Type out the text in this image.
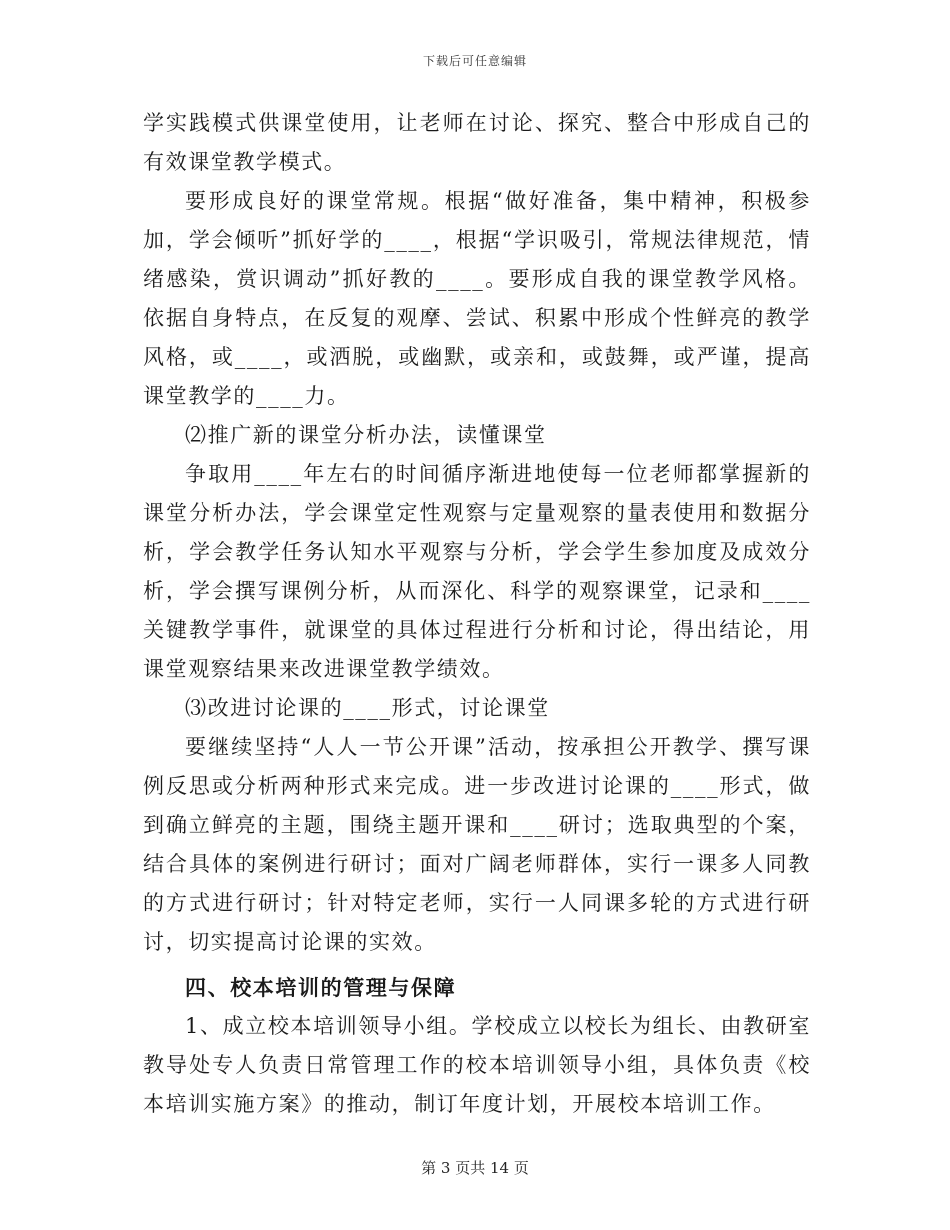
下载后可任意编辑

学实践模式供课堂使用，让老师在讨论、探究、整合中形成自己的有效课堂教学模式。

要形成良好的课堂常规。根据“做好准备，集中精神，积极参加，学会倾听”抓好学的____，根据“学识吸引，常规法律规范，情绪感染，赏识调动”抓好教的____。要形成自我的课堂教学风格。依据自身特点，在反复的观摩、尝试、积累中形成个性鲜亮的教学风格，或____，或洒脱，或幽默，或亲和，或鼓舞，或严谨，提高课堂教学的____力。

⑵推广新的课堂分析办法，读懂课堂

争取用____年左右的时间循序渐进地使每一位老师都掌握新的课堂分析办法，学会课堂定性观察与定量观察的量表使用和数据分析，学会教学任务认知水平观察与分析，学会学生参加度及成效分析，学会撰写课例分析，从而深化、科学的观察课堂，记录和____关键教学事件，就课堂的具体过程进行分析和讨论，得出结论，用课堂观察结果来改进课堂教学绩效。

⑶改进讨论课的____形式，讨论课堂

要继续坚持“人人一节公开课”活动，按承担公开教学、撰写课例反思或分析两种形式来完成。进一步改进讨论课的____形式，做到确立鲜亮的主题，围绕主题开课和____研讨；选取典型的个案，结合具体的案例进行研讨；面对广阔老师群体，实行一课多人同教的方式进行研讨；针对特定老师，实行一人同课多轮的方式进行研讨，切实提高讨论课的实效。

四、校本培训的管理与保障

1、成立校本培训领导小组。学校成立以校长为组长、由教研室教导处专人负责日常管理工作的校本培训领导小组，具体负责《校本培训实施方案》的推动，制订年度计划，开展校本培训工作。

第 3 页共 14 页
